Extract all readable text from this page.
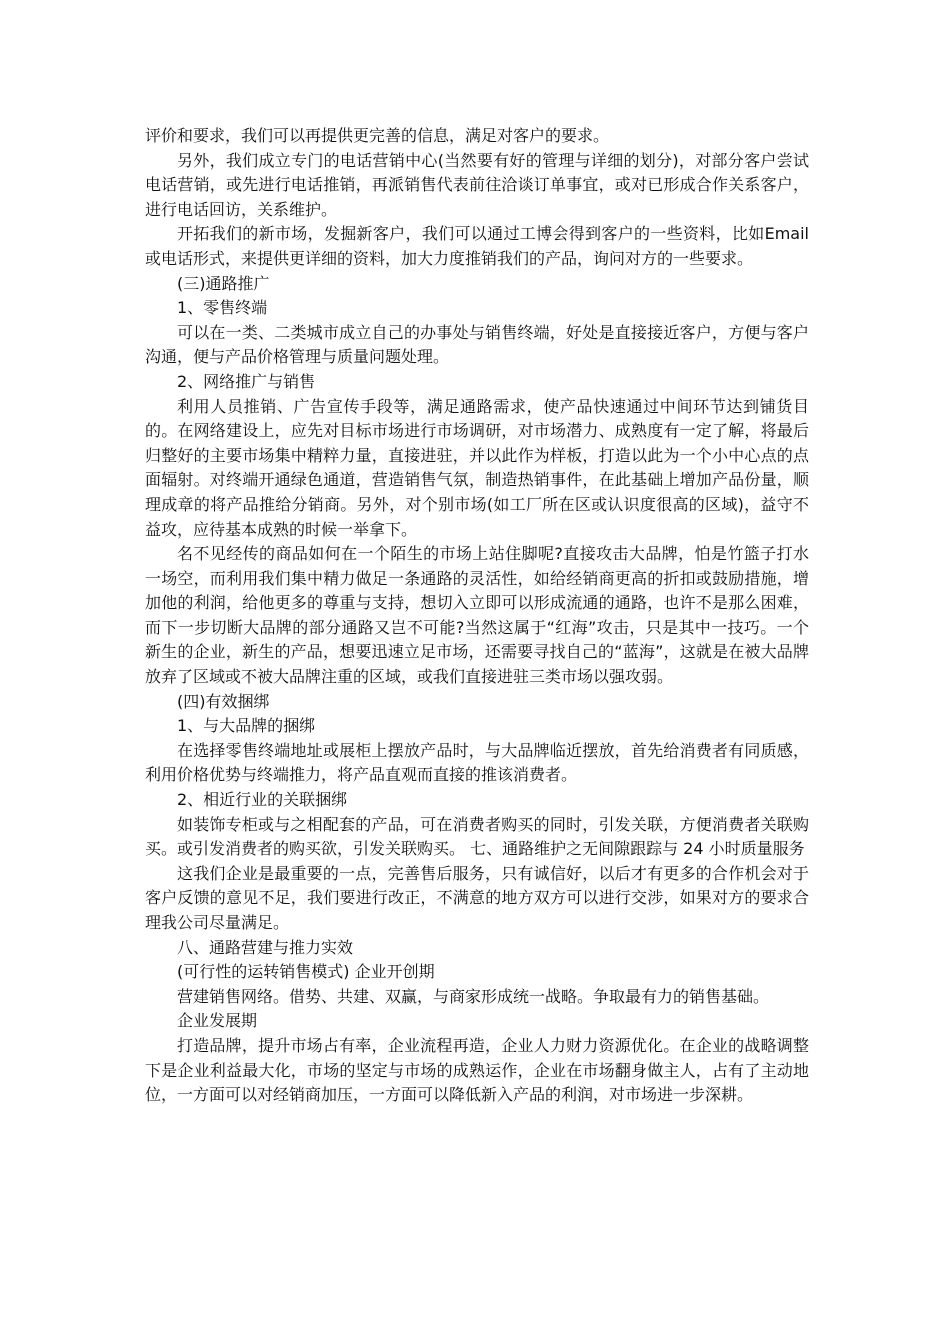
评价和要求，我们可以再提供更完善的信息，满足对客户的要求。

另外，我们成立专门的电话营销中心(当然要有好的管理与详细的划分)，对部分客户尝试电话营销，或先进行电话推销，再派销售代表前往洽谈订单事宜，或对已形成合作关系客户，进行电话回访，关系维护。

开拓我们的新市场，发掘新客户，我们可以通过工博会得到客户的一些资料，比如Email或电话形式，来提供更详细的资料，加大力度推销我们的产品，询问对方的一些要求。

(三)通路推广

1、零售终端

可以在一类、二类城市成立自己的办事处与销售终端，好处是直接接近客户，方便与客户沟通，便与产品价格管理与质量问题处理。

2、网络推广与销售

利用人员推销、广告宣传手段等，满足通路需求，使产品快速通过中间环节达到铺货目的。在网络建设上，应先对目标市场进行市场调研，对市场潜力、成熟度有一定了解，将最后归整好的主要市场集中精粹力量，直接进驻，并以此作为样板，打造以此为一个小中心点的点面辐射。对终端开通绿色通道，营造销售气氛，制造热销事件，在此基础上增加产品份量，顺理成章的将产品推给分销商。另外，对个别市场(如工厂所在区或认识度很高的区域)，益守不益攻，应待基本成熟的时候一举拿下。

名不见经传的商品如何在一个陌生的市场上站住脚呢?直接攻击大品牌，怕是竹篮子打水一场空，而利用我们集中精力做足一条通路的灵活性，如给经销商更高的折扣或鼓励措施，增加他的利润，给他更多的尊重与支持，想切入立即可以形成流通的通路，也许不是那么困难，而下一步切断大品牌的部分通路又岂不可能?当然这属于“红海”攻击，只是其中一技巧。一个新生的企业，新生的产品，想要迅速立足市场，还需要寻找自己的“蓝海”，这就是在被大品牌放弃了区域或不被大品牌注重的区域，或我们直接进驻三类市场以强攻弱。

(四)有效捆绑

1、与大品牌的捆绑

在选择零售终端地址或展柜上摆放产品时，与大品牌临近摆放，首先给消费者有同质感，利用价格优势与终端推力，将产品直观而直接的推该消费者。

2、相近行业的关联捆绑

如装饰专柜或与之相配套的产品，可在消费者购买的同时，引发关联，方便消费者关联购买。或引发消费者的购买欲，引发关联购买。 七、通路维护之无间隙跟踪与 24 小时质量服务

这我们企业是最重要的一点，完善售后服务，只有诚信好，以后才有更多的合作机会对于客户反馈的意见不足，我们要进行改正，不满意的地方双方可以进行交涉，如果对方的要求合理我公司尽量满足。

八、通路营建与推力实效

(可行性的运转销售模式) 企业开创期

营建销售网络。借势、共建、双赢，与商家形成统一战略。争取最有力的销售基础。

企业发展期

打造品牌，提升市场占有率，企业流程再造，企业人力财力资源优化。在企业的战略调整下是企业利益最大化，市场的坚定与市场的成熟运作，企业在市场翻身做主人，占有了主动地位，一方面可以对经销商加压，一方面可以降低新入产品的利润，对市场进一步深耕。
